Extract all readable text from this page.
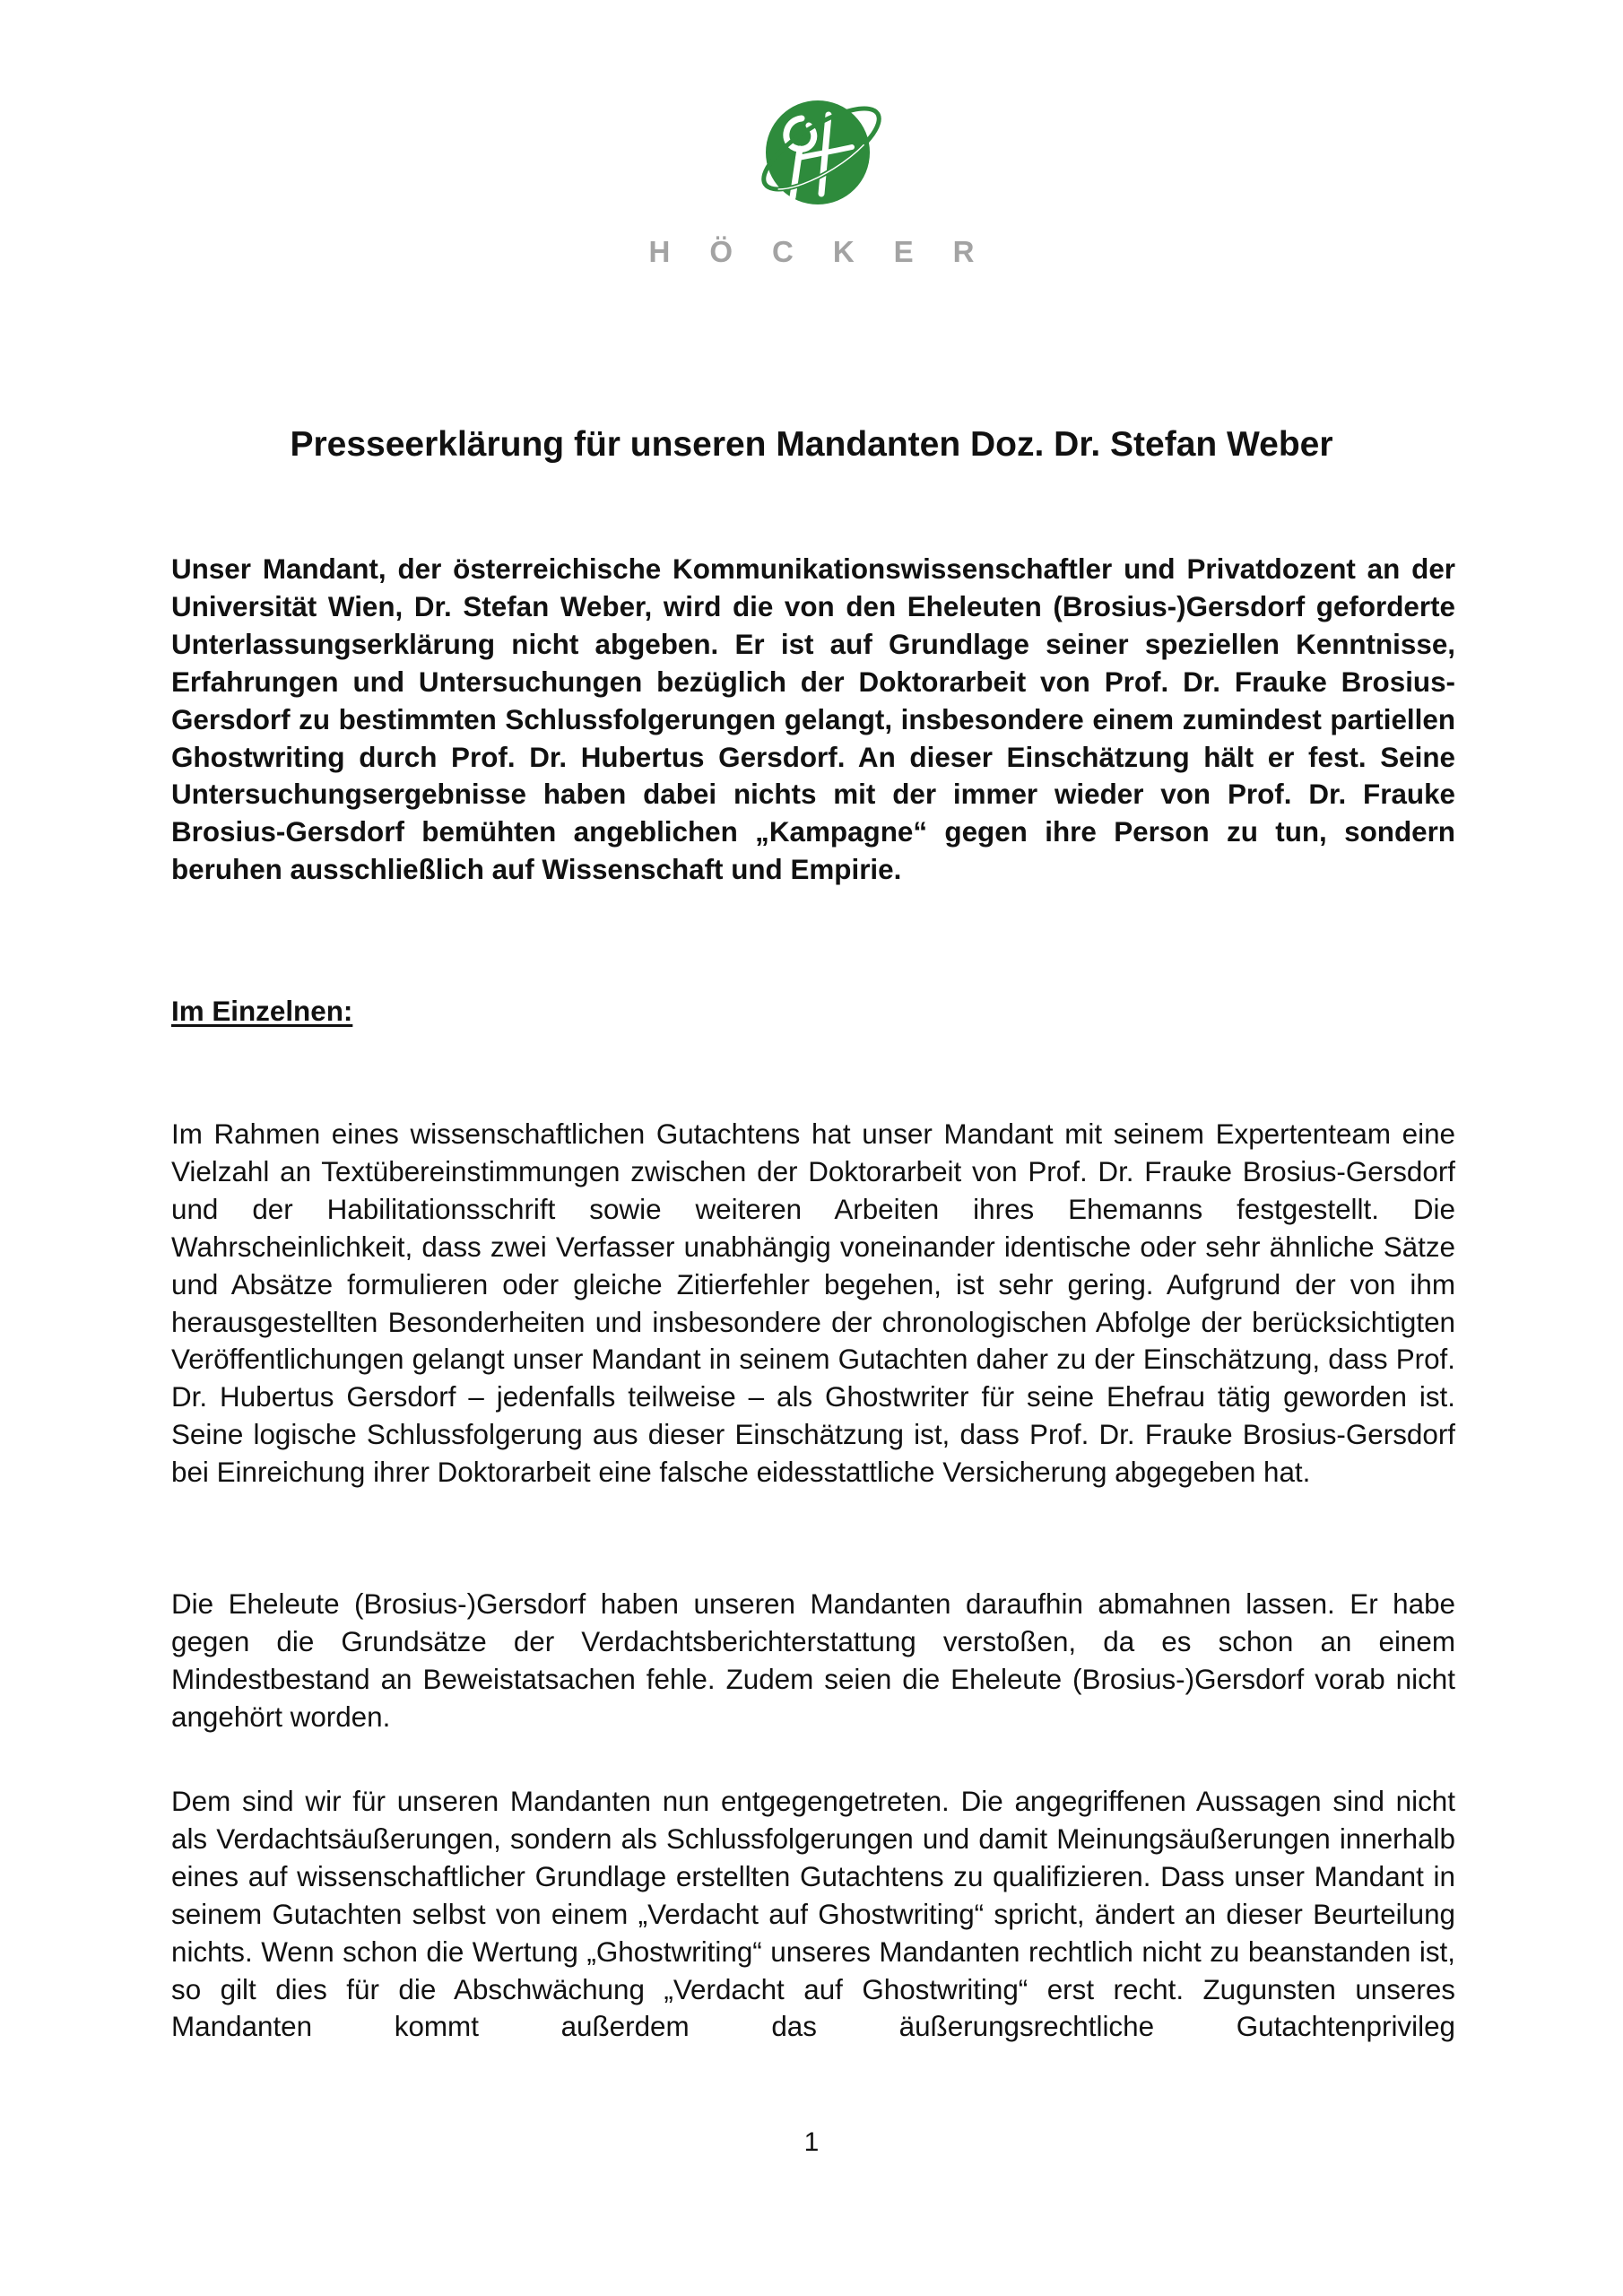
HÖCKER
Presseerklärung für unseren Mandanten Doz. Dr. Stefan Weber

Unser Mandant, der österreichische Kommunikationswissenschaftler und Privatdozent an der Universität Wien, Dr. Stefan Weber, wird die von den Eheleuten (Brosius-)Gersdorf geforderte Unterlassungserklärung nicht abgeben. Er ist auf Grundlage seiner speziellen Kenntnisse, Erfahrungen und Untersuchungen bezüglich der Doktorarbeit von Prof. Dr. Frauke Brosius-Gersdorf zu bestimmten Schlussfolgerungen gelangt, insbesondere einem zumindest partiellen Ghostwriting durch Prof. Dr. Hubertus Gersdorf. An dieser Einschätzung hält er fest. Seine Untersuchungsergebnisse haben dabei nichts mit der immer wieder von Prof. Dr. Frauke Brosius-Gersdorf bemühten angeblichen „Kampagne“ gegen ihre Person zu tun, sondern beruhen ausschließlich auf Wissenschaft und Empirie.

Im Einzelnen:

Im Rahmen eines wissenschaftlichen Gutachtens hat unser Mandant mit seinem Expertenteam eine Vielzahl an Textübereinstimmungen zwischen der Doktorarbeit von Prof. Dr. Frauke Brosius-Gersdorf und der Habilitationsschrift sowie weiteren Arbeiten ihres Ehemanns festgestellt. Die Wahrscheinlichkeit, dass zwei Verfasser unabhängig voneinander identische oder sehr ähnliche Sätze und Absätze formulieren oder gleiche Zitierfehler begehen, ist sehr gering. Aufgrund der von ihm herausgestellten Besonderheiten und insbesondere der chronologischen Abfolge der berücksichtigten Veröffentlichungen gelangt unser Mandant in seinem Gutachten daher zu der Einschätzung, dass Prof. Dr. Hubertus Gersdorf – jedenfalls teilweise – als Ghostwriter für seine Ehefrau tätig geworden ist. Seine logische Schlussfolgerung aus dieser Einschätzung ist, dass Prof. Dr. Frauke Brosius-Gersdorf bei Einreichung ihrer Doktorarbeit eine falsche eidesstattliche Versicherung abgegeben hat.

Die Eheleute (Brosius-)Gersdorf haben unseren Mandanten daraufhin abmahnen lassen. Er habe gegen die Grundsätze der Verdachtsberichterstattung verstoßen, da es schon an einem Mindestbestand an Beweistatsachen fehle. Zudem seien die Eheleute (Brosius-)Gersdorf vorab nicht angehört worden.

Dem sind wir für unseren Mandanten nun entgegengetreten. Die angegriffenen Aussagen sind nicht als Verdachtsäußerungen, sondern als Schlussfolgerungen und damit Meinungsäußerungen innerhalb eines auf wissenschaftlicher Grundlage erstellten Gutachtens zu qualifizieren. Dass unser Mandant in seinem Gutachten selbst von einem „Verdacht auf Ghostwriting“ spricht, ändert an dieser Beurteilung nichts. Wenn schon die Wertung „Ghostwriting“ unseres Mandanten rechtlich nicht zu beanstanden ist, so gilt dies für die Abschwächung „Verdacht auf Ghostwriting“ erst recht. Zugunsten unseres Mandanten kommt außerdem das äußerungsrechtliche Gutachtenprivileg

1
